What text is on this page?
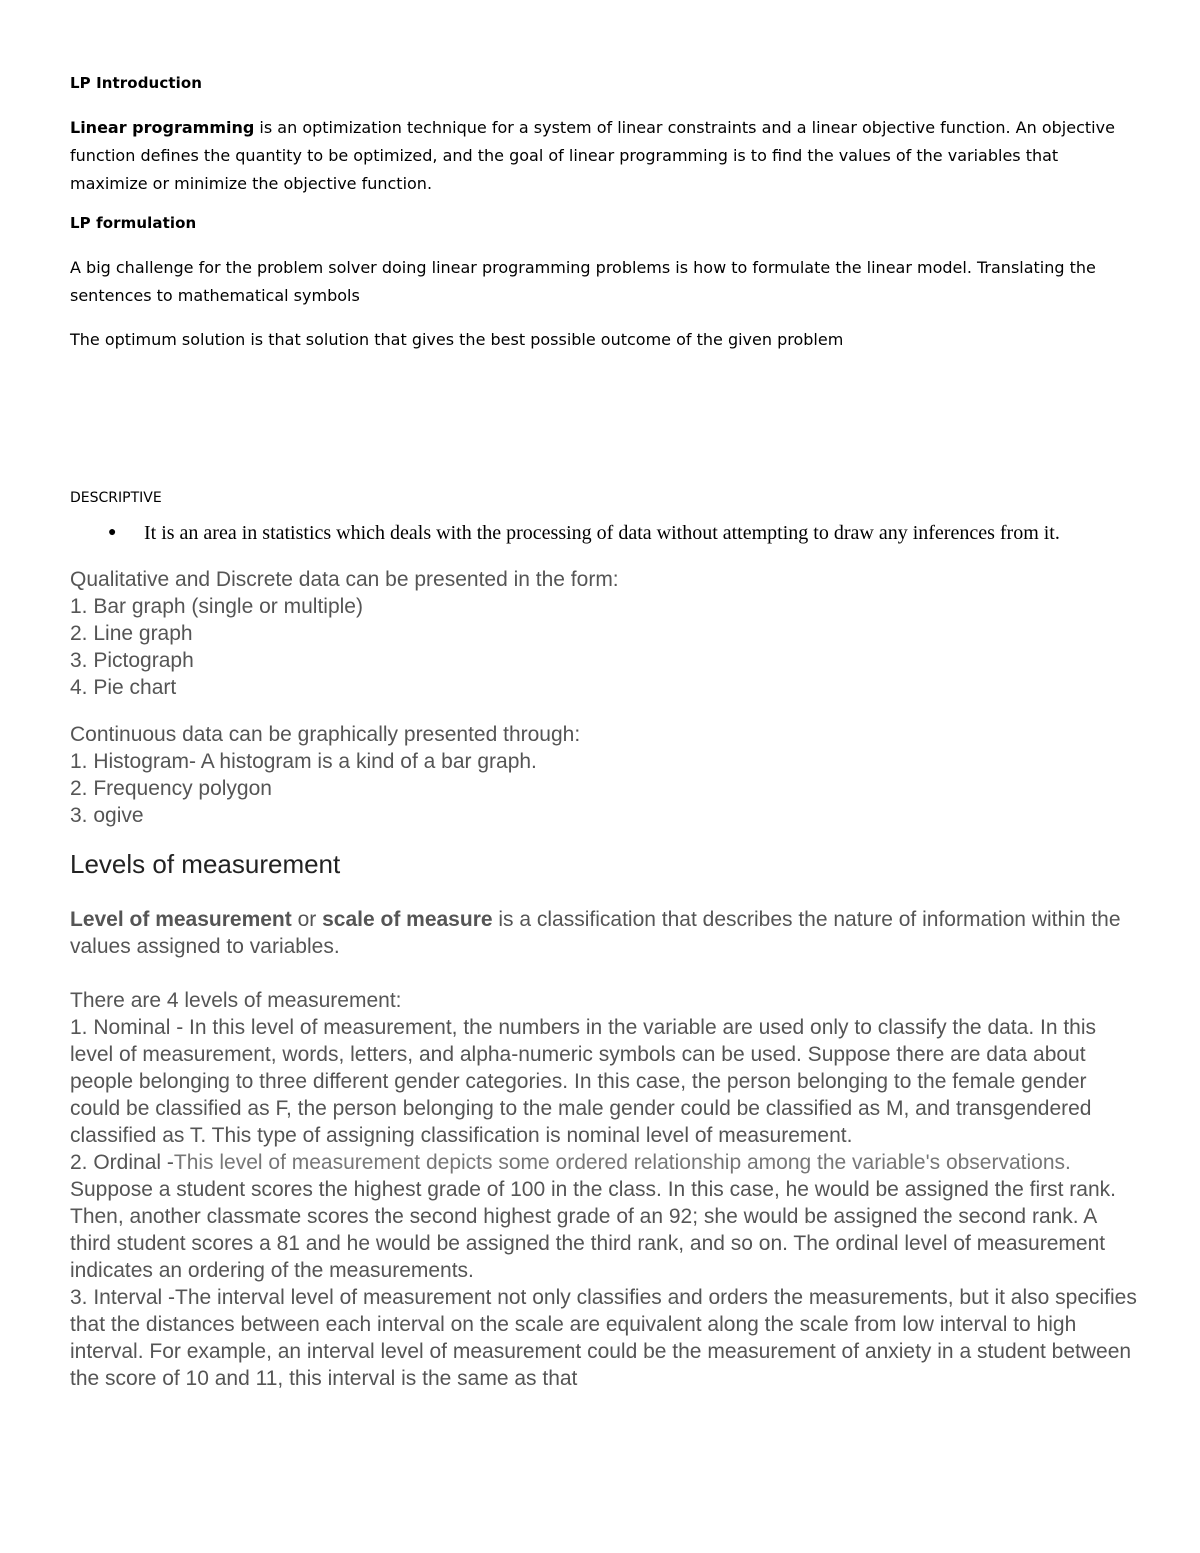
LP Introduction

Linear programming is an optimization technique for a system of linear constraints and a linear objective function. An objective function defines the quantity to be optimized, and the goal of linear programming is to find the values of the variables that maximize or minimize the objective function.

LP formulation

A big challenge for the problem solver doing linear programming problems is how to formulate the linear model. Translating the sentences to mathematical symbols

The optimum solution is that solution that gives the best possible outcome of the given problem

DESCRIPTIVE

●	It is an area in statistics which deals with the processing of data without attempting to draw any inferences from it.
Qualitative and Discrete data can be presented in the form:
1. Bar graph (single or multiple)
2. Line graph
3. Pictograph
4. Pie chart
Continuous data can be graphically presented through:
1. Histogram- A histogram is a kind of a bar graph.
2. Frequency polygon
3. ogive
Levels of measurement

Level of measurement or scale of measure is a classification that describes the nature of information within the values assigned to variables.

There are 4 levels of measurement:
1. Nominal - In this level of measurement, the numbers in the variable are used only to classify the data. In this level of measurement, words, letters, and alpha-numeric symbols can be used. Suppose there are data about people belonging to three different gender categories. In this case, the person belonging to the female gender could be classified as F, the person belonging to the male gender could be classified as M, and transgendered classified as T. This type of assigning classification is nominal level of measurement.
2. Ordinal -This level of measurement depicts some ordered relationship among the variable's observations. Suppose a student scores the highest grade of 100 in the class. In this case, he would be assigned the first rank. Then, another classmate scores the second highest grade of an 92; she would be assigned the second rank. A third student scores a 81 and he would be assigned the third rank, and so on. The ordinal level of measurement indicates an ordering of the measurements.
3. Interval -The interval level of measurement not only classifies and orders the measurements, but it also specifies that the distances between each interval on the scale are equivalent along the scale from low interval to high interval. For example, an interval level of measurement could be the measurement of anxiety in a student between the score of 10 and 11, this interval is the same as that
